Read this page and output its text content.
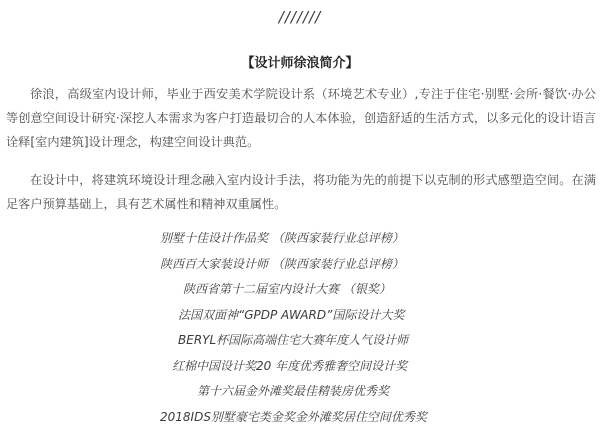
///////
【设计师徐浪简介】

徐浪，高级室内设计师，毕业于西安美术学院设计系（环境艺术专业）,专注于住宅·别墅·会所·餐饮·办公等创意空间设计研究·深挖人本需求为客户打造最切合的人本体验，创造舒适的生活方式，以多元化的设计语言诠释[室内建筑]设计理念，构建空间设计典范。

在设计中，将建筑环境设计理念融入室内设计手法，将功能为先的前提下以克制的形式感塑造空间。在满足客户预算基础上，具有艺术属性和精神双重属性。

别墅十佳设计作品奖 （陕西家装行业总评榜）
陕西百大家装设计师 （陕西家装行业总评榜）
陕西省第十二届室内设计大赛 （银奖）
法国双面神“GPDP AWARD”国际设计大奖
BERYL杯国际高端住宅大赛年度人气设计师
红棉中国设计奖20 年度优秀雅奢空间设计奖
第十六届金外滩奖最佳精装房优秀奖
2018IDS别墅豪宅类金奖金外滩奖居住空间优秀奖
